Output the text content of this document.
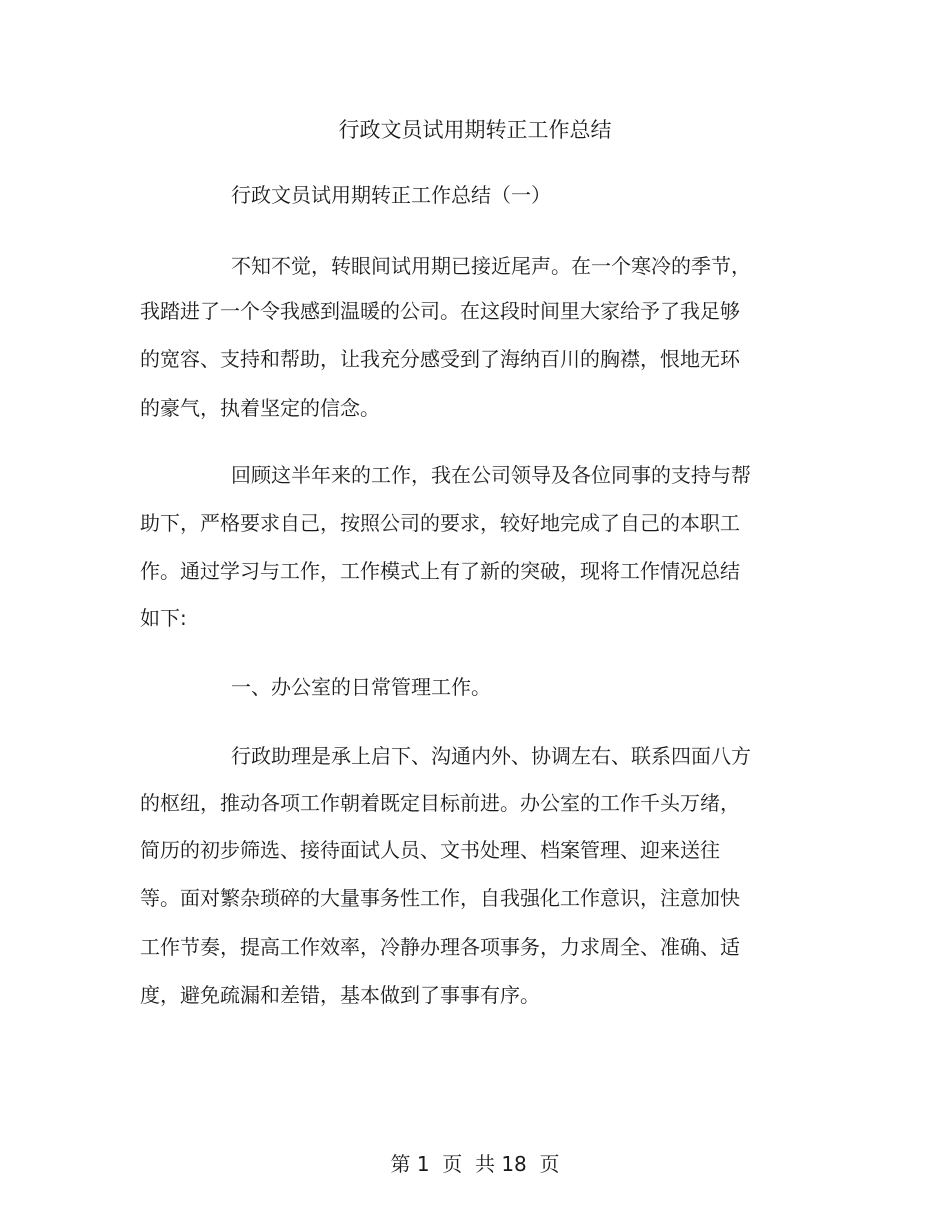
行政文员试用期转正工作总结
行政文员试用期转正工作总结（一）
不知不觉，转眼间试用期已接近尾声。在一个寒冷的季节，
我踏进了一个令我感到温暖的公司。在这段时间里大家给予了我足够
的宽容、支持和帮助，让我充分感受到了海纳百川的胸襟，恨地无环
的豪气，执着坚定的信念。
回顾这半年来的工作，我在公司领导及各位同事的支持与帮
助下，严格要求自己，按照公司的要求，较好地完成了自己的本职工
作。通过学习与工作，工作模式上有了新的突破，现将工作情况总结
如下:
一、办公室的日常管理工作。
行政助理是承上启下、沟通内外、协调左右、联系四面八方
的枢纽，推动各项工作朝着既定目标前进。办公室的工作千头万绪，
简历的初步筛选、接待面试人员、文书处理、档案管理、迎来送往
等。面对繁杂琐碎的大量事务性工作，自我强化工作意识，注意加快
工作节奏，提高工作效率，冷静办理各项事务，力求周全、准确、适
度，避免疏漏和差错，基本做到了事事有序。
第 1  页  共 18  页
